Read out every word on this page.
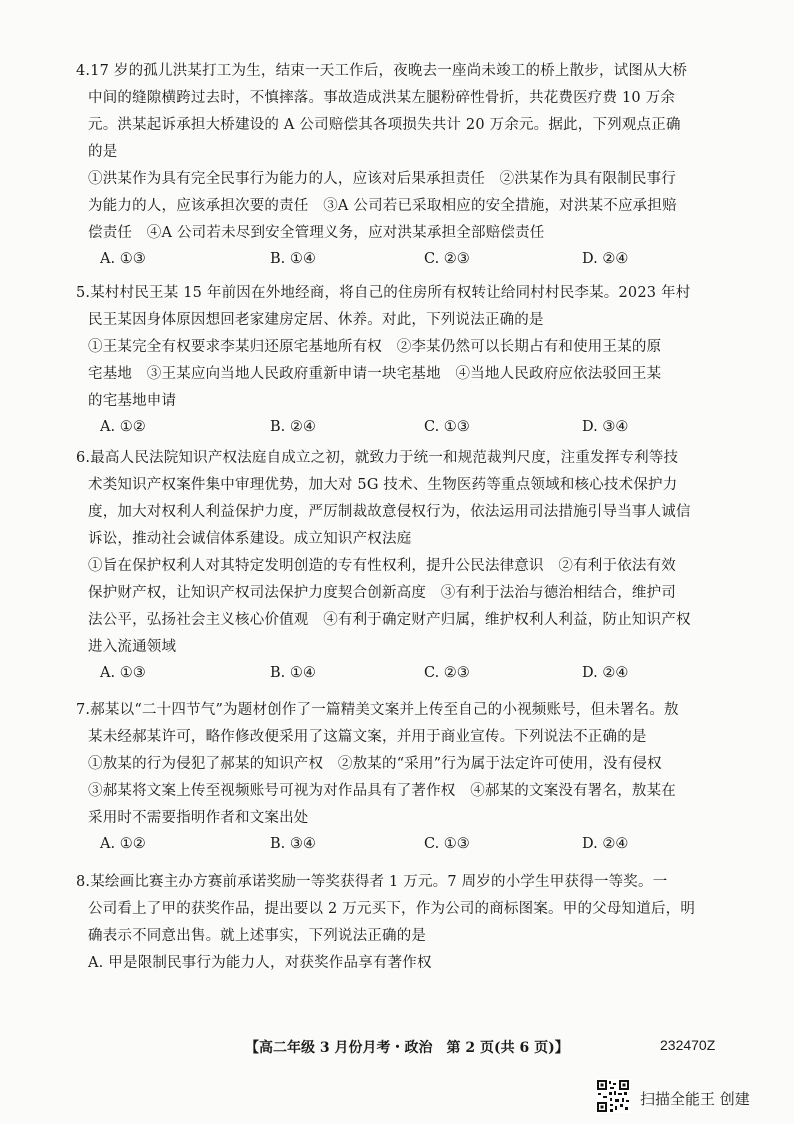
4.17 岁的孤儿洪某打工为生，结束一天工作后，夜晚去一座尚未竣工的桥上散步，试图从大桥
中间的缝隙横跨过去时，不慎摔落。事故造成洪某左腿粉碎性骨折，共花费医疗费 10 万余
元。洪某起诉承担大桥建设的 A 公司赔偿其各项损失共计 20 万余元。据此，下列观点正确
的是
①洪某作为具有完全民事行为能力的人，应该对后果承担责任　②洪某作为具有限制民事行
为能力的人，应该承担次要的责任　③A 公司若已采取相应的安全措施，对洪某不应承担赔
偿责任　④A 公司若未尽到安全管理义务，应对洪某承担全部赔偿责任
A. ①③	B. ①④	C. ②③	D. ②④
5.某村村民王某 15 年前因在外地经商，将自己的住房所有权转让给同村村民李某。2023 年村
民王某因身体原因想回老家建房定居、休养。对此，下列说法正确的是
①王某完全有权要求李某归还原宅基地所有权　②李某仍然可以长期占有和使用王某的原
宅基地　③王某应向当地人民政府重新申请一块宅基地　④当地人民政府应依法驳回王某
的宅基地申请
A. ①②	B. ②④	C. ①③	D. ③④
6.最高人民法院知识产权法庭自成立之初，就致力于统一和规范裁判尺度，注重发挥专利等技
术类知识产权案件集中审理优势，加大对 5G 技术、生物医药等重点领域和核心技术保护力
度，加大对权利人利益保护力度，严厉制裁故意侵权行为，依法运用司法措施引导当事人诚信
诉讼，推动社会诚信体系建设。成立知识产权法庭
①旨在保护权利人对其特定发明创造的专有性权利，提升公民法律意识　②有利于依法有效
保护财产权，让知识产权司法保护力度契合创新高度　③有利于法治与德治相结合，维护司
法公平，弘扬社会主义核心价值观　④有利于确定财产归属，维护权利人利益，防止知识产权
进入流通领域
A. ①③	B. ①④	C. ②③	D. ②④
7.郝某以“二十四节气”为题材创作了一篇精美文案并上传至自己的小视频账号，但未署名。敖
某未经郝某许可，略作修改便采用了这篇文案，并用于商业宣传。下列说法不正确的是
①敖某的行为侵犯了郝某的知识产权　②敖某的“采用”行为属于法定许可使用，没有侵权
③郝某将文案上传至视频账号可视为对作品具有了著作权　④郝某的文案没有署名，敖某在
采用时不需要指明作者和文案出处
A. ①②	B. ③④	C. ①③	D. ②④
8.某绘画比赛主办方赛前承诺奖励一等奖获得者 1 万元。7 周岁的小学生甲获得一等奖。一
公司看上了甲的获奖作品，提出要以 2 万元买下，作为公司的商标图案。甲的父母知道后，明
确表示不同意出售。就上述事实，下列说法正确的是
A. 甲是限制民事行为能力人，对获奖作品享有著作权
【高二年级 3 月份月考・政治　第 2 页(共 6 页)】	232470Z
扫描全能王 创建
